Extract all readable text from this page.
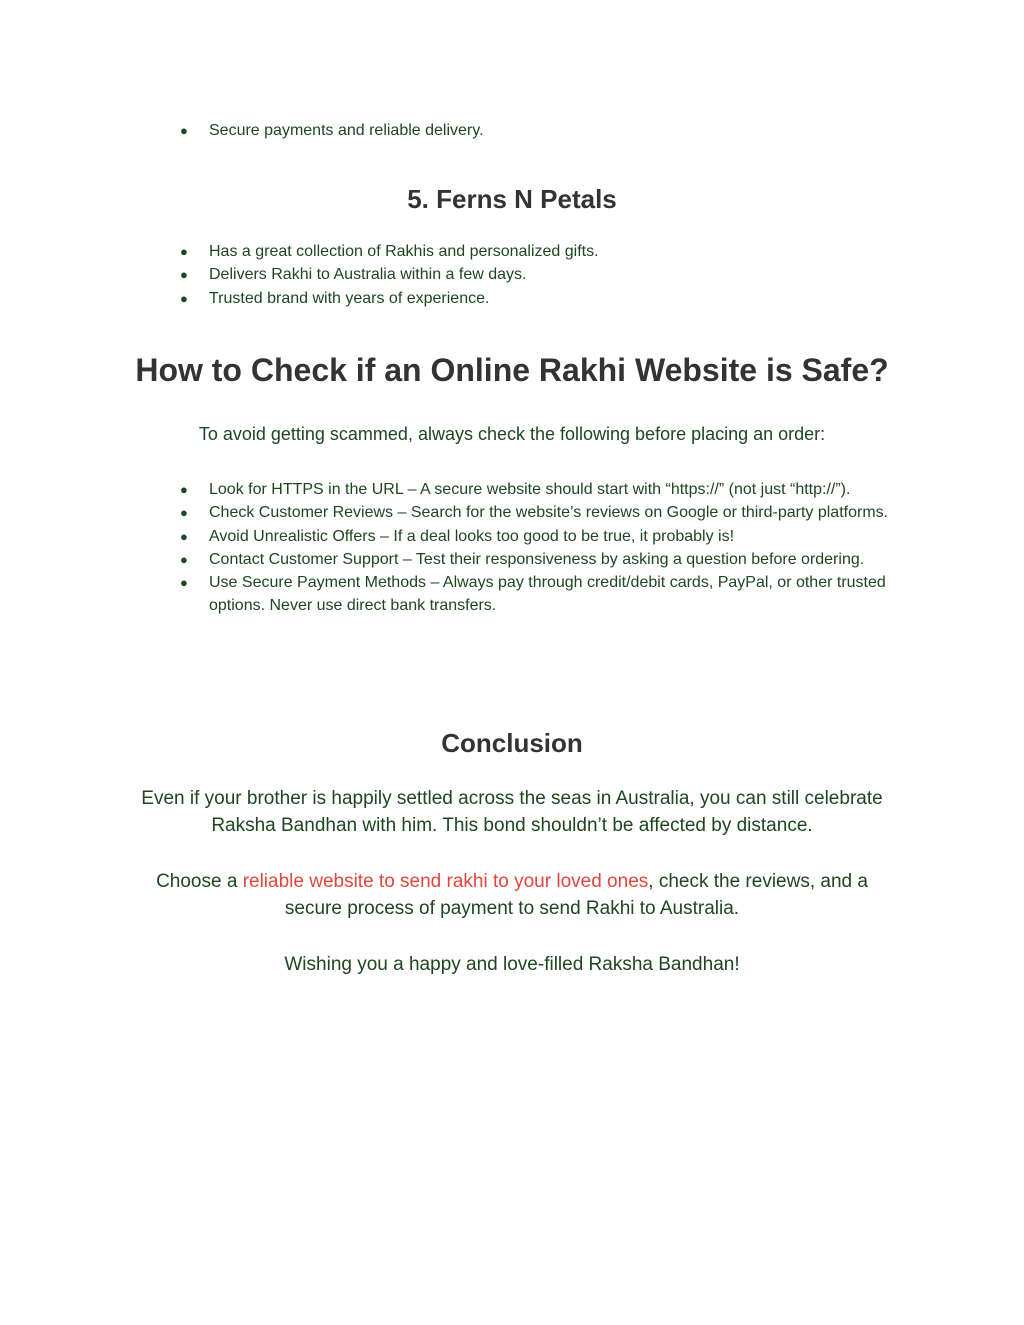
● Secure payments and reliable delivery.
5. Ferns N Petals
● Has a great collection of Rakhis and personalized gifts.
● Delivers Rakhi to Australia within a few days.
● Trusted brand with years of experience.
How to Check if an Online Rakhi Website is Safe?

To avoid getting scammed, always check the following before placing an order:

● Look for HTTPS in the URL – A secure website should start with “https://” (not just “http://”).
● Check Customer Reviews – Search for the website’s reviews on Google or third-party platforms.
● Avoid Unrealistic Offers – If a deal looks too good to be true, it probably is!
● Contact Customer Support – Test their responsiveness by asking a question before ordering.
● Use Secure Payment Methods – Always pay through credit/debit cards, PayPal, or other trusted options. Never use direct bank transfers.
Conclusion

Even if your brother is happily settled across the seas in Australia, you can still celebrate Raksha Bandhan with him. This bond shouldn’t be affected by distance.

Choose a reliable website to send rakhi to your loved ones, check the reviews, and a secure process of payment to send Rakhi to Australia.

Wishing you a happy and love-filled Raksha Bandhan!
